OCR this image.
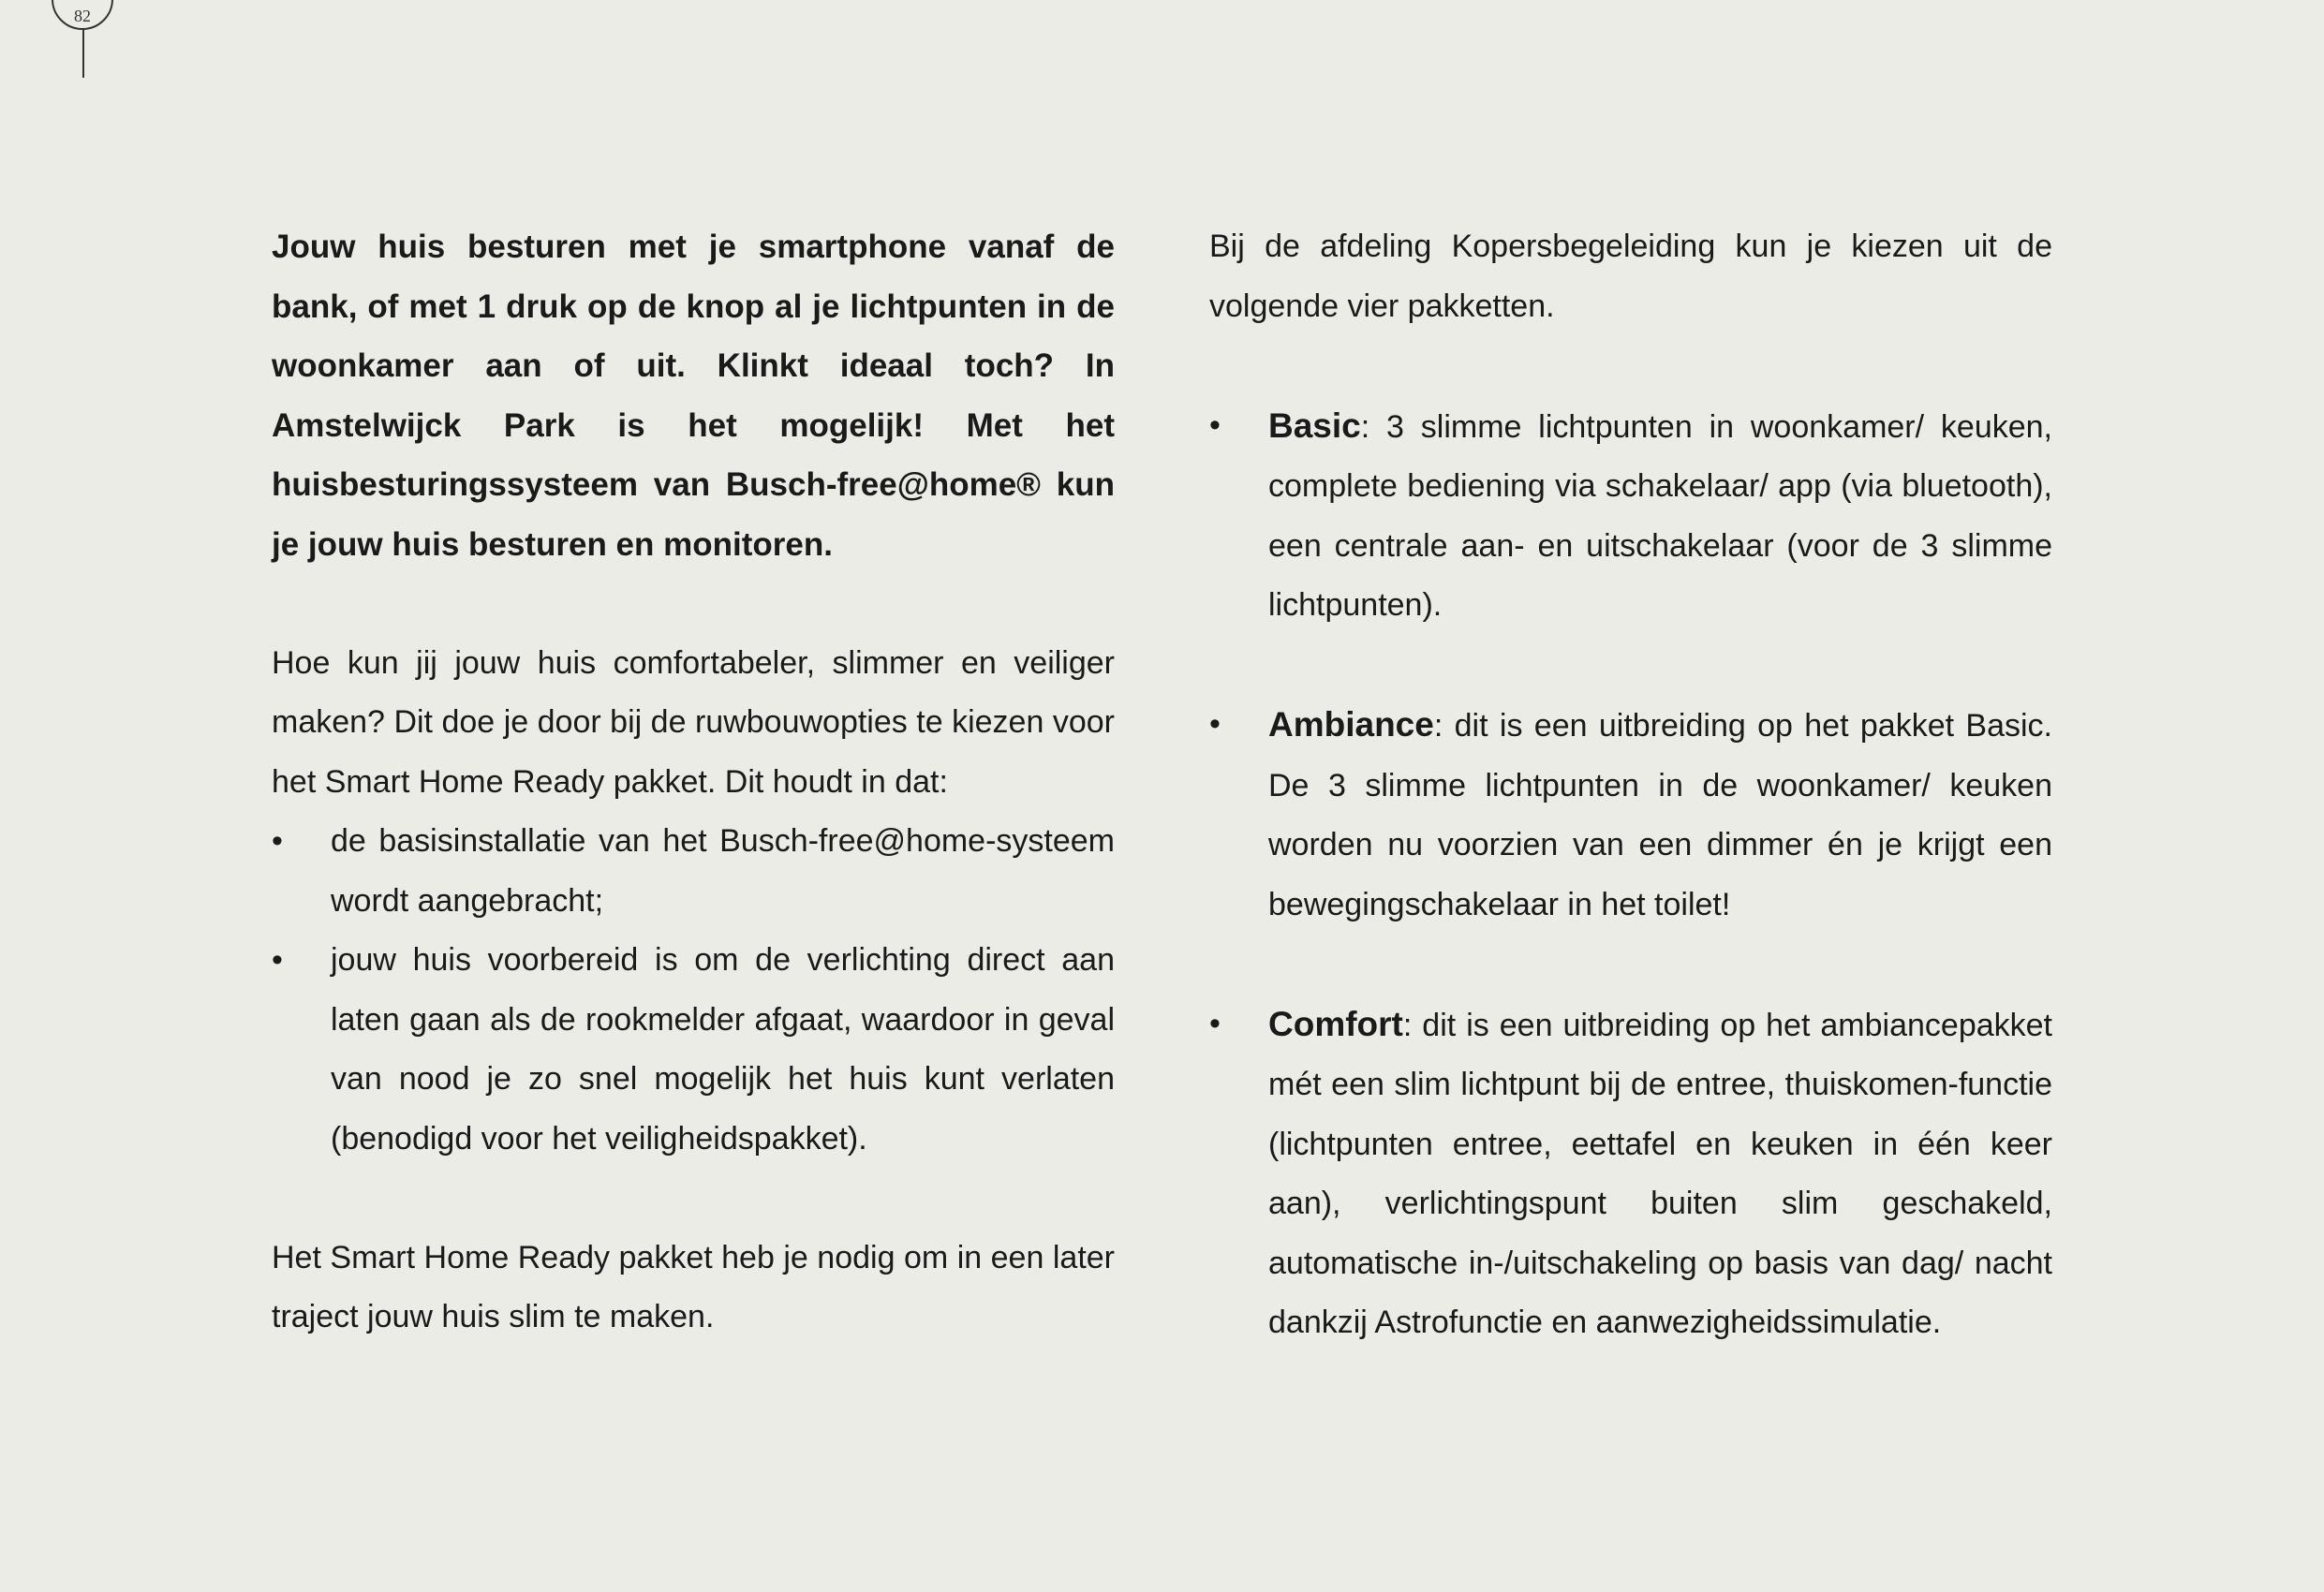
82

Jouw huis besturen met je smartphone vanaf de bank, of met 1 druk op de knop al je lichtpunten in de woonkamer aan of uit. Klinkt ideaal toch? In Amstelwijck Park is het mogelijk! Met het huisbesturingssysteem van Busch-free@home® kun je jouw huis besturen en monitoren.

Hoe kun jij jouw huis comfortabeler, slimmer en veiliger maken? Dit doe je door bij de ruwbouwopties te kiezen voor het Smart Home Ready pakket. Dit houdt in dat:

• de basisinstallatie van het Busch-free@home-systeem wordt aangebracht;
• jouw huis voorbereid is om de verlichting direct aan laten gaan als de rookmelder afgaat, waardoor in geval van nood je zo snel mogelijk het huis kunt verlaten (benodigd voor het veiligheidspakket).

Het Smart Home Ready pakket heb je nodig om in een later traject jouw huis slim te maken.

Bij de afdeling Kopersbegeleiding kun je kiezen uit de volgende vier pakketten.

• Basic: 3 slimme lichtpunten in woonkamer/ keuken, complete bediening via schakelaar/ app (via bluetooth), een centrale aan- en uitschakelaar (voor de 3 slimme lichtpunten).
• Ambiance: dit is een uitbreiding op het pakket Basic. De 3 slimme lichtpunten in de woonkamer/ keuken worden nu voorzien van een dimmer én je krijgt een bewegingschakelaar in het toilet!
• Comfort: dit is een uitbreiding op het ambiancepakket mét een slim lichtpunt bij de entree, thuiskomen-functie (lichtpunten entree, eettafel en keuken in één keer aan), verlichtingspunt buiten slim geschakeld, automatische in-/uitschakeling op basis van dag/ nacht dankzij Astrofunctie en aanwezigheidssimulatie.
